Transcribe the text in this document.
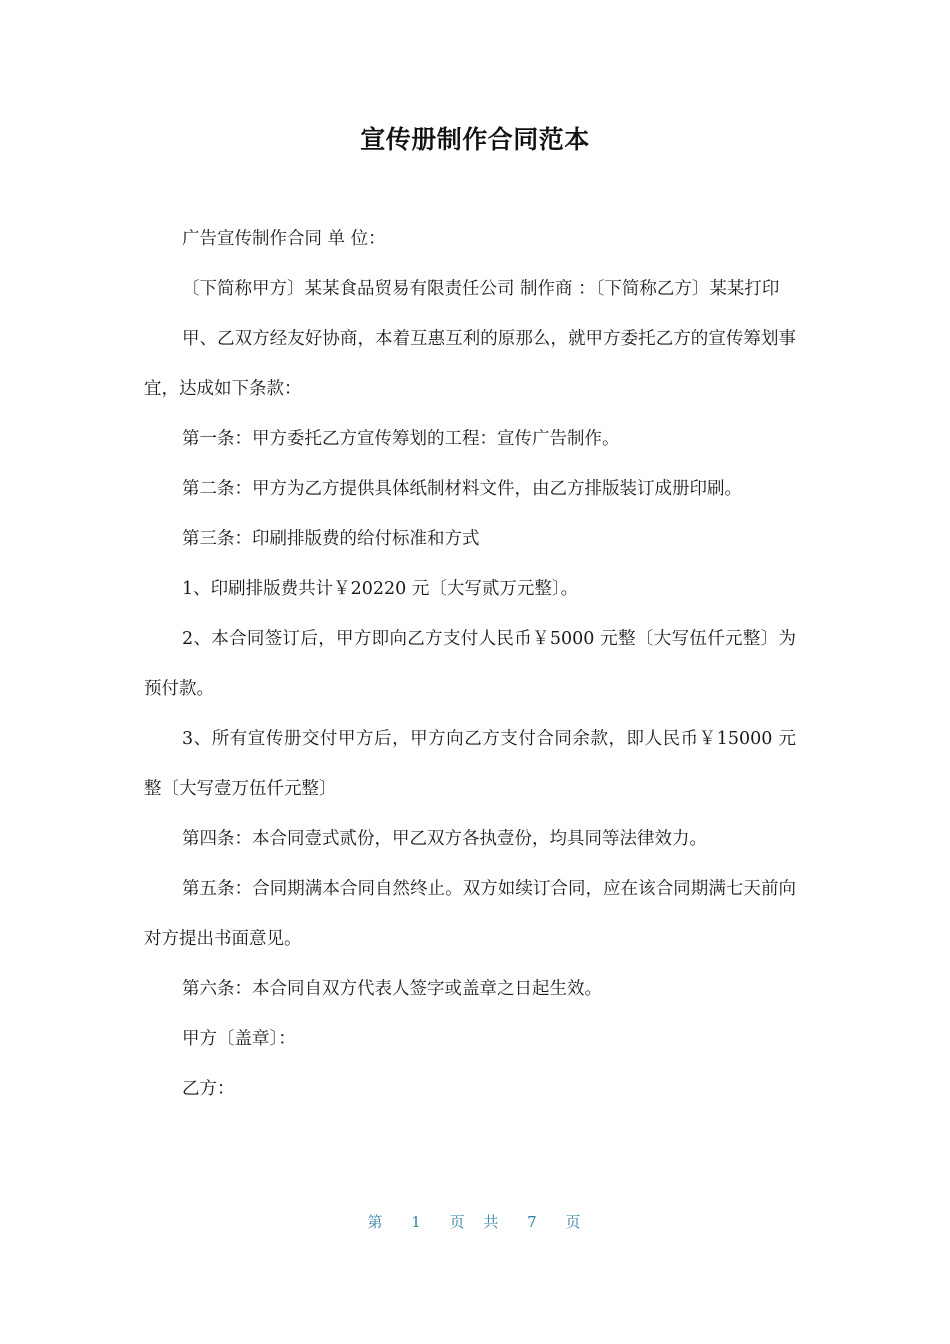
宣传册制作合同范本

广告宣传制作合同 单 位：

〔下简称甲方〕某某食品贸易有限责任公司 制作商 ：〔下简称乙方〕某某打印

甲、乙双方经友好协商，本着互惠互利的原那么，就甲方委托乙方的宣传筹划事宜，达成如下条款：

第一条：甲方委托乙方宣传筹划的工程：宣传广告制作。

第二条：甲方为乙方提供具体纸制材料文件，由乙方排版装订成册印刷。

第三条：印刷排版费的给付标准和方式

1、印刷排版费共计￥20220 元〔大写贰万元整〕。

2、本合同签订后，甲方即向乙方支付人民币￥5000 元整〔大写伍仟元整〕为预付款。

3、所有宣传册交付甲方后，甲方向乙方支付合同余款，即人民币￥15000 元整〔大写壹万伍仟元整〕

第四条：本合同壹式贰份，甲乙双方各执壹份，均具同等法律效力。

第五条：合同期满本合同自然终止。双方如续订合同，应在该合同期满七天前向对方提出书面意见。

第六条：本合同自双方代表人签字或盖章之日起生效。

甲方〔盖章〕：

乙方：

第 1 页 共 7 页
